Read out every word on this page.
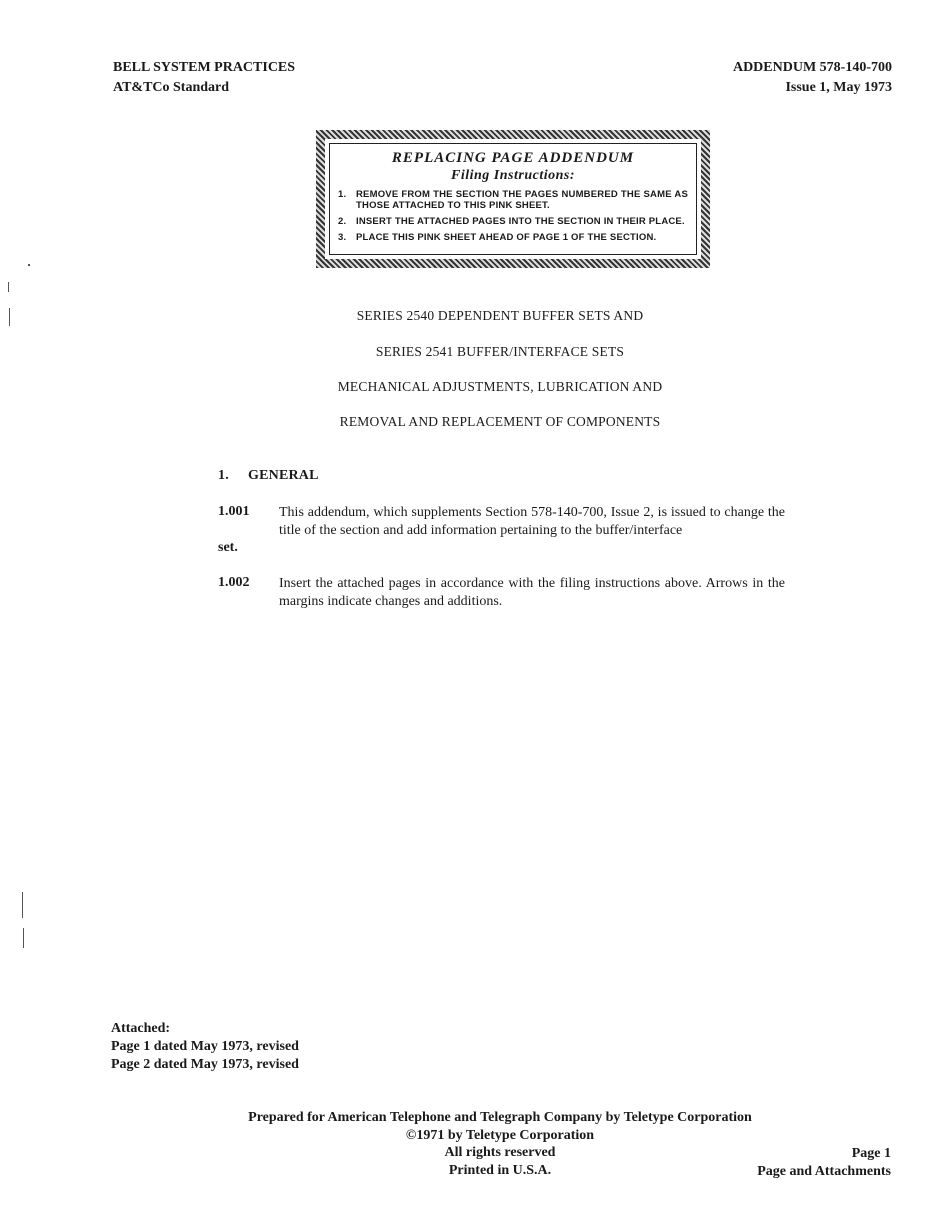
BELL SYSTEM PRACTICES
AT&TCo Standard
ADDENDUM 578-140-700
Issue 1, May 1973
REPLACING PAGE ADDENDUM
Filing Instructions:
1.	REMOVE FROM THE SECTION THE PAGES NUMBERED THE SAME AS THOSE ATTACHED TO THIS PINK SHEET.
2.	INSERT THE ATTACHED PAGES INTO THE SECTION IN THEIR PLACE.
3.	PLACE THIS PINK SHEET AHEAD OF PAGE 1 OF THE SECTION.
SERIES 2540 DEPENDENT BUFFER SETS AND
SERIES 2541 BUFFER/INTERFACE SETS
MECHANICAL ADJUSTMENTS, LUBRICATION AND
REMOVAL AND REPLACEMENT OF COMPONENTS
1. GENERAL
1.001 This addendum, which supplements Section 578-140-700, Issue 2, is issued to change the title of the section and add information pertaining to the buffer/interface
set.
1.002 Insert the attached pages in accordance with the filing instructions above. Arrows in the margins indicate changes and additions.
Attached:
Page 1 dated May 1973, revised
Page 2 dated May 1973, revised
Prepared for American Telephone and Telegraph Company by Teletype Corporation
©1971 by Teletype Corporation
All rights reserved
Printed in U.S.A.
Page 1
Page and Attachments
